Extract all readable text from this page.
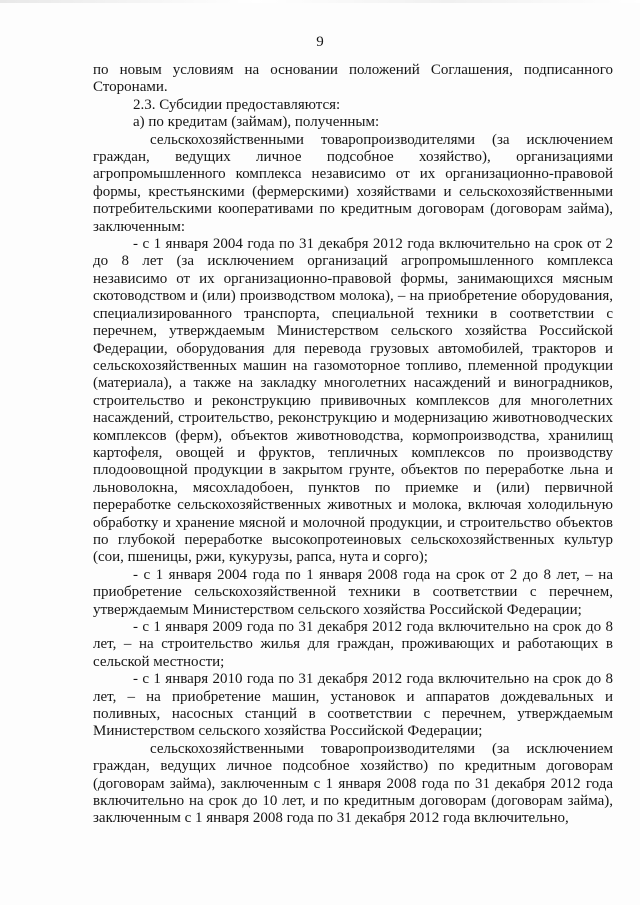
9

по новым условиям на основании положений Соглашения, подписанного Сторонами.

2.3. Субсидии предоставляются:

а) по кредитам (займам), полученным:

сельскохозяйственными товаропроизводителями (за исключением граждан, ведущих личное подсобное хозяйство), организациями агропромышленного комплекса независимо от их организационно-правовой формы, крестьянскими (фермерскими) хозяйствами и сельскохозяйственными потребительскими кооперативами по кредитным договорам (договорам займа), заключенным:

- с 1 января 2004 года по 31 декабря 2012 года включительно на срок от 2 до 8 лет (за исключением организаций агропромышленного комплекса независимо от их организационно-правовой формы, занимающихся мясным скотоводством и (или) производством молока), – на приобретение оборудования, специализированного транспорта, специальной техники в соответствии с перечнем, утверждаемым Министерством сельского хозяйства Российской Федерации, оборудования для перевода грузовых автомобилей, тракторов и сельскохозяйственных машин на газомоторное топливо, племенной продукции (материала), а также на закладку многолетних насаждений и виноградников, строительство и реконструкцию прививочных комплексов для многолетних насаждений, строительство, реконструкцию и модернизацию животноводческих комплексов (ферм), объектов животноводства, кормопроизводства, хранилищ картофеля, овощей и фруктов, тепличных комплексов по производству плодоовощной продукции в закрытом грунте, объектов по переработке льна и льноволокна, мясохладобоен, пунктов по приемке и (или) первичной переработке сельскохозяйственных животных и молока, включая холодильную обработку и хранение мясной и молочной продукции, и строительство объектов по глубокой переработке высокопротеиновых сельскохозяйственных культур (сои, пшеницы, ржи, кукурузы, рапса, нута и сорго);

- с 1 января 2004 года по 1 января 2008 года на срок от 2 до 8 лет, – на приобретение сельскохозяйственной техники в соответствии с перечнем, утверждаемым Министерством сельского хозяйства Российской Федерации;

- с 1 января 2009 года по 31 декабря 2012 года включительно на срок до 8 лет, – на строительство жилья для граждан, проживающих и работающих в сельской местности;

- с 1 января 2010 года по 31 декабря 2012 года включительно на срок до 8 лет, – на приобретение машин, установок и аппаратов дождевальных и поливных, насосных станций в соответствии с перечнем, утверждаемым Министерством сельского хозяйства Российской Федерации;

сельскохозяйственными товаропроизводителями (за исключением граждан, ведущих личное подсобное хозяйство) по кредитным договорам (договорам займа), заключенным с 1 января 2008 года по 31 декабря 2012 года включительно на срок до 10 лет, и по кредитным договорам (договорам займа), заключенным с 1 января 2008 года по 31 декабря 2012 года включительно,
